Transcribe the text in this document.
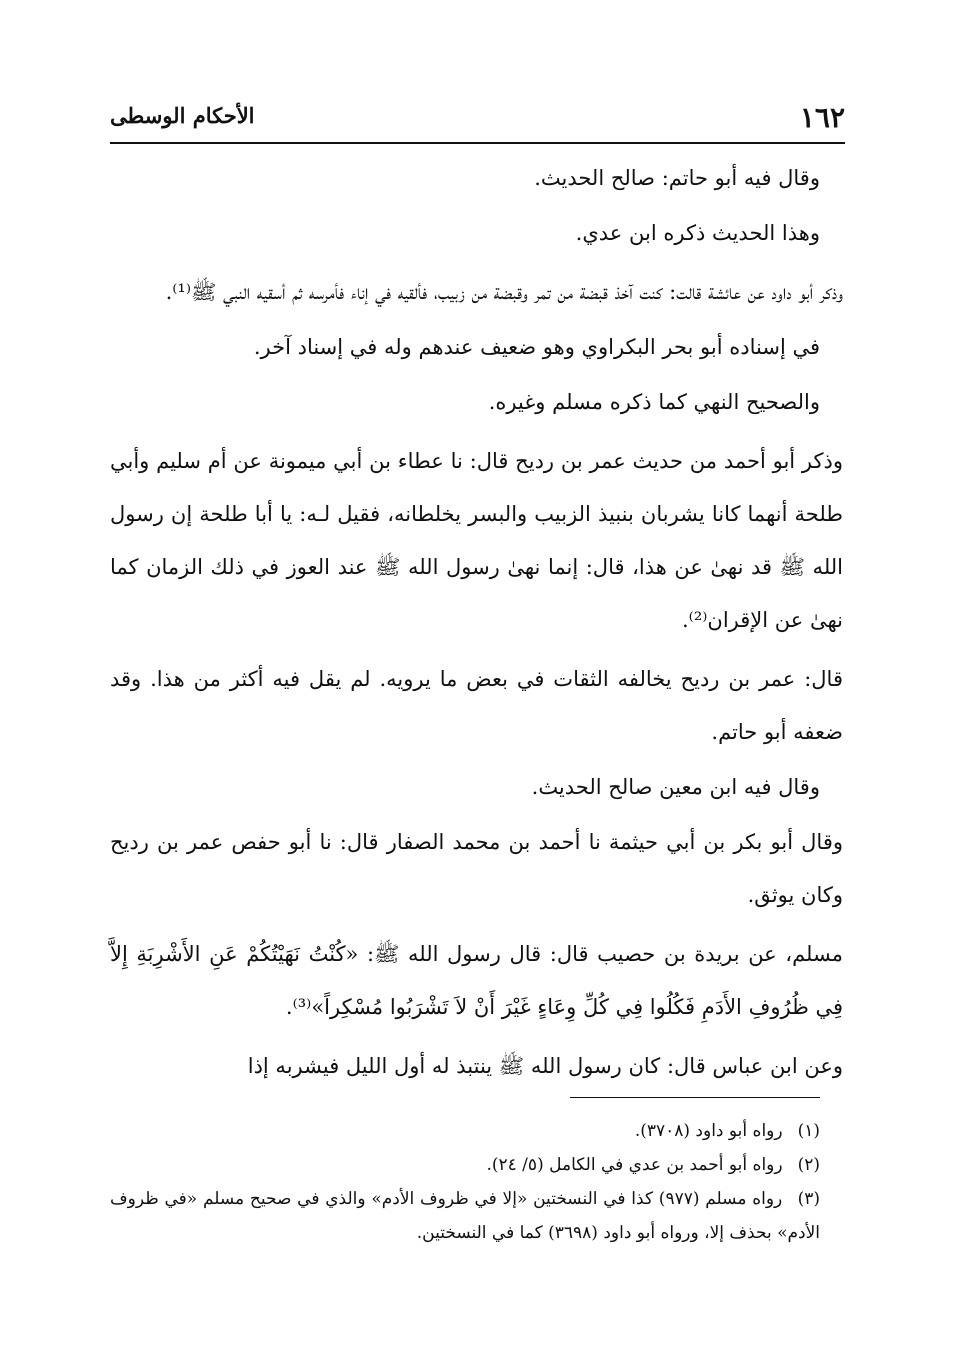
١٦٢
الأحكام الوسطى

وقال فيه أبو حاتم: صالح الحديث.

وهذا الحديث ذكره ابن عدي.

وذكر أبو داود عن عائشة قالت: كنت آخذ قبضة من تمر وقبضة من زبيب، فألقيه في إناء فأمرسه ثم أسقيه النبي ﷺ⁽¹⁾.

في إسناده أبو بحر البكراوي وهو ضعيف عندهم وله في إسناد آخر.

والصحيح النهي كما ذكره مسلم وغيره.

وذكر أبو أحمد من حديث عمر بن رديح قال: نا عطاء بن أبي ميمونة عن أم سليم وأبي طلحة أنهما كانا يشربان بنبيذ الزبيب والبسر يخلطانه، فقيل لـه: يا أبا طلحة إن رسول الله ﷺ قد نهىٰ عن هذا، قال: إنما نهىٰ رسول الله ﷺ عند العوز في ذلك الزمان كما نهىٰ عن الإقران⁽²⁾.

قال: عمر بن رديح يخالفه الثقات في بعض ما يرويه. لم يقل فيه أكثر من هذا. وقد ضعفه أبو حاتم.

وقال فيه ابن معين صالح الحديث.

وقال أبو بكر بن أبي حيثمة نا أحمد بن محمد الصفار قال: نا أبو حفص عمر بن رديح وكان يوثق.

مسلم، عن بريدة بن حصيب قال: قال رسول الله ﷺ: «كُنْتُ نَهَيْتُكُمْ عَنِ الأَشْرِبَةِ إِلاَّ فِي ظُرُوفِ الأَدَمِ فَكُلُوا فِي كُلِّ وِعَاءٍ غَيْرَ أَنْ لاَ تَشْرَبُوا مُسْكِراً»⁽³⁾.

وعن ابن عباس قال: كان رسول الله ﷺ ينتبذ له أول الليل فيشربه إذا

(١) رواه أبو داود (٣٧٠٨).

(٢) رواه أبو أحمد بن عدي في الكامل (٥/ ٢٤).

(٣) رواه مسلم (٩٧٧) كذا في النسختين «إلا في ظروف الأدم» والذي في صحيح مسلم «في ظروف الأدم» بحذف إلا، ورواه أبو داود (٣٦٩٨) كما في النسختين.
